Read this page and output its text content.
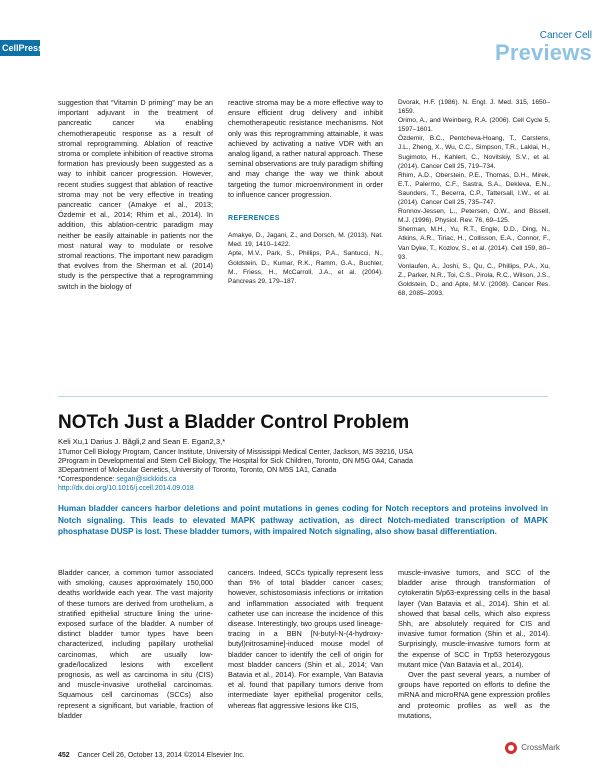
CellPress
Cancer Cell
Previews

suggestion that “Vitamin D priming” may be an important adjuvant in the treatment of pancreatic cancer via enabling chemotherapeutic response as a result of stromal reprogramming. Ablation of reactive stroma or complete inhibition of reactive stroma formation has previously been suggested as a way to inhibit cancer progression. However, recent studies suggest that ablation of reactive stroma may not be very effective in treating pancreatic cancer (Amakye et al., 2013; Özdemir et al., 2014; Rhim et al., 2014). In addition, this ablation-centric paradigm may neither be easily attainable in patients nor the most natural way to modulate or resolve stromal reactions. The important new paradigm that evolves from the Sherman et al. (2014) study is the perspective that a reprogramming switch in the biology of

reactive stroma may be a more effective way to ensure efficient drug delivery and inhibit chemotherapeutic resistance mechanisms. Not only was this reprogramming attainable, it was achieved by activating a native VDR with an analog ligand, a rather natural approach. These seminal observations are truly paradigm shifting and may change the way we think about targeting the tumor microenvironment in order to influence cancer progression.

REFERENCES

Amakye, D., Jagani, Z., and Dorsch, M. (2013). Nat. Med. 19, 1410–1422.

Apte, M.V., Park, S., Phillips, P.A., Santucci, N., Goldstein, D., Kumar, R.K., Ramm, G.A., Buchler, M., Friess, H., McCarroll, J.A., et al. (2004). Pancreas 29, 179–187.

Dvorak, H.F. (1986). N. Engl. J. Med. 315, 1650–1659.

Orimo, A., and Weinberg, R.A. (2006). Cell Cycle 5, 1597–1601.

Özdemir, B.C., Pentcheva-Hoang, T., Carstens, J.L., Zheng, X., Wu, C.C., Simpson, T.R., Laklai, H., Sugimoto, H., Kahlert, C., Novitskiy, S.V., et al. (2014). Cancer Cell 25, 719–734.

Rhim, A.D., Oberstein, P.E., Thomas, D.H., Mirek, E.T., Palermo, C.F., Sastra, S.A., Dekleva, E.N., Saunders, T., Becerra, C.P., Tattersall, I.W., et al. (2014). Cancer Cell 25, 735–747.

Ronnov-Jessen, L., Petersen, O.W., and Bissell, M.J. (1996). Physiol. Rev. 76, 69–125.

Sherman, M.H., Yu, R.T., Engle, D.D., Ding, N., Atkins, A.R., Tiriac, H., Collisson, E.A., Connor, F., Van Dyke, T., Kozlov, S., et al. (2014). Cell 159, 80–93.

Vonlaufen, A., Joshi, S., Qu, C., Phillips, P.A., Xu, Z., Parker, N.R., Toi, C.S., Pirola, R.C., Wilson, J.S., Goldstein, D., and Apte, M.V. (2008). Cancer Res. 68, 2085–2093.

NOTch Just a Bladder Control Problem
Keli Xu,1 Darius J. Băgli,2 and Sean E. Egan2,3,*
1Tumor Cell Biology Program, Cancer Institute, University of Mississippi Medical Center, Jackson, MS 39216, USA
2Program in Developmental and Stem Cell Biology, The Hospital for Sick Children, Toronto, ON M5G 0A4, Canada
3Department of Molecular Genetics, University of Toronto, Toronto, ON M5S 1A1, Canada
*Correspondence: segan@sickkids.ca
http://dx.doi.org/10.1016/j.ccell.2014.09.018
Human bladder cancers harbor deletions and point mutations in genes coding for Notch receptors and proteins involved in Notch signaling. This leads to elevated MAPK pathway activation, as direct Notch-mediated transcription of MAPK phosphatase DUSP is lost. These bladder tumors, with impaired Notch signaling, also show basal differentiation.

Bladder cancer, a common tumor associated with smoking, causes approximately 150,000 deaths worldwide each year. The vast majority of these tumors are derived from urothelium, a stratified epithelial structure lining the urine-exposed surface of the bladder. A number of distinct bladder tumor types have been characterized, including papillary urothelial carcinomas, which are usually low-grade/localized lesions with excellent prognosis, as well as carcinoma in situ (CIS) and muscle-invasive urothelial carcinomas. Squamous cell carcinomas (SCCs) also represent a significant, but variable, fraction of bladder

cancers. Indeed, SCCs typically represent less than 5% of total bladder cancer cases; however, schistosomiasis infections or irritation and inflammation associated with frequent catheter use can increase the incidence of this disease. Interestingly, two groups used lineage-tracing in a BBN [N-butyl-N-(4-hydroxy-butyl)nitrosamine]-induced mouse model of bladder cancer to identify the cell of origin for most bladder cancers (Shin et al., 2014; Van Batavia et al., 2014). For example, Van Batavia et al. found that papillary tumors derive from intermediate layer epithelial progenitor cells, whereas flat aggressive lesions like CIS,

muscle-invasive tumors, and SCC of the bladder arise through transformation of cytokeratin 5/p63-expressing cells in the basal layer (Van Batavia et al., 2014). Shin et al. showed that basal cells, which also express Shh, are absolutely required for CIS and invasive tumor formation (Shin et al., 2014). Surprisingly, muscle-invasive tumors form at the expense of SCC in Trp53 heterozygous mutant mice (Van Batavia et al., 2014).

Over the past several years, a number of groups have reported on efforts to define the mRNA and microRNA gene expression profiles and proteomic profiles as well as the mutations,

452 Cancer Cell 26, October 13, 2014 ©2014 Elsevier Inc.
CrossMark
